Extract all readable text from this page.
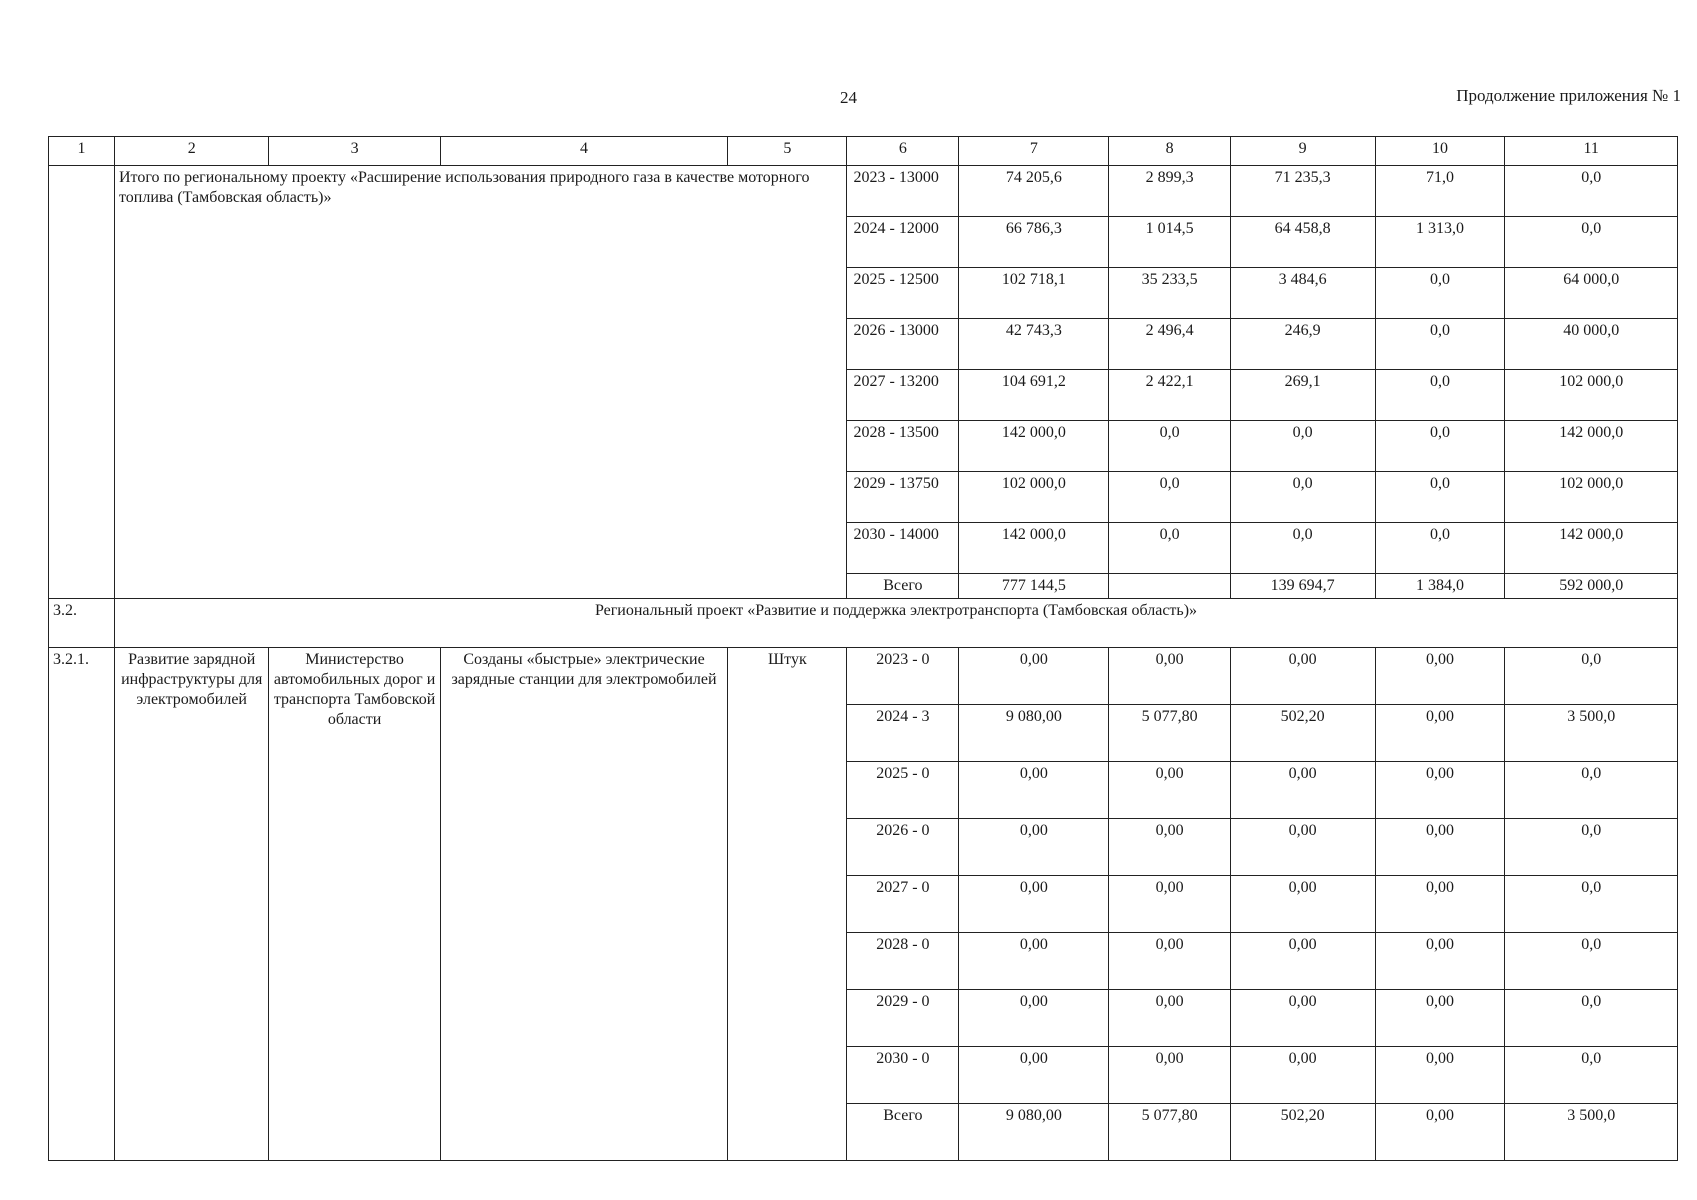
24	Продолжение приложения № 1
1	2	3	4	5	6	7	8	9	10	11
	Итого по региональному проекту «Расширение использования природного газа в качестве моторного топлива (Тамбовская область)»				2023 - 13000	74 205,6	2 899,3	71 235,3	71,0	0,0
					2024 - 12000	66 786,3	1 014,5	64 458,8	1 313,0	0,0
					2025 - 12500	102 718,1	35 233,5	3 484,6	0,0	64 000,0
					2026 - 13000	42 743,3	2 496,4	246,9	0,0	40 000,0
					2027 - 13200	104 691,2	2 422,1	269,1	0,0	102 000,0
					2028 - 13500	142 000,0	0,0	0,0	0,0	142 000,0
					2029 - 13750	102 000,0	0,0	0,0	0,0	102 000,0
					2030 - 14000	142 000,0	0,0	0,0	0,0	142 000,0
					Всего	777 144,5		139 694,7	1 384,0	592 000,0
3.2.	Региональный проект «Развитие и поддержка электротранспорта (Тамбовская область)»									
3.2.1.	Развитие зарядной инфраструктуры для электромобилей	Министерство автомобильных дорог и транспорта Тамбовской области	Созданы «быстрые» электрические зарядные станции для электромобилей	Штук	2023 - 0	0,00	0,00	0,00	0,00	0,0
					2024 - 3	9 080,00	5 077,80	502,20	0,00	3 500,0
					2025 - 0	0,00	0,00	0,00	0,00	0,0
					2026 - 0	0,00	0,00	0,00	0,00	0,0
					2027 - 0	0,00	0,00	0,00	0,00	0,0
					2028 - 0	0,00	0,00	0,00	0,00	0,0
					2029 - 0	0,00	0,00	0,00	0,00	0,0
					2030 - 0	0,00	0,00	0,00	0,00	0,0
					Всего	9 080,00	5 077,80	502,20	0,00	3 500,0
